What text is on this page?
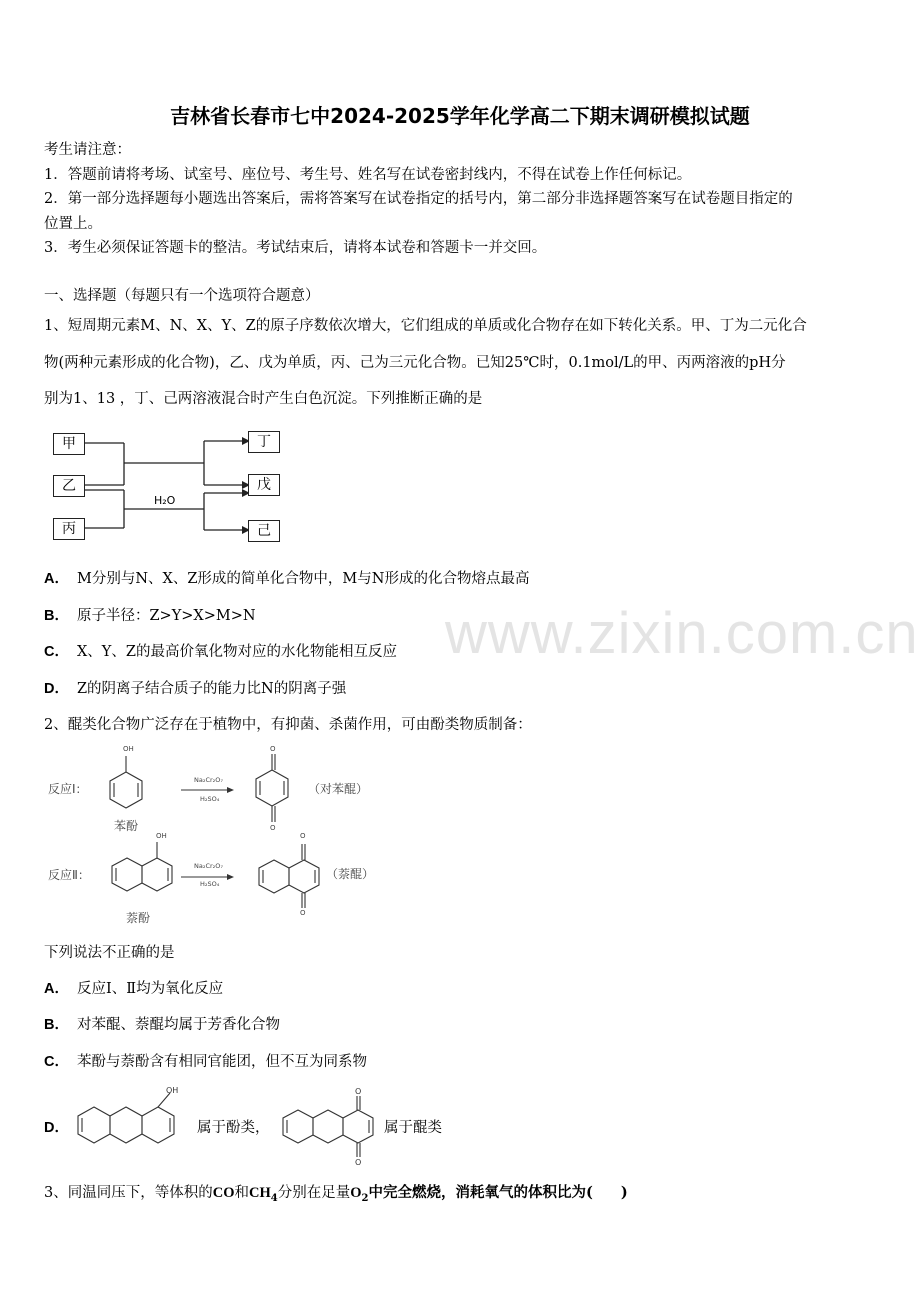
www.zixin.com.cn
吉林省长春市七中2024-2025学年化学高二下期末调研模拟试题
考生请注意：
1．答题前请将考场、试室号、座位号、考生号、姓名写在试卷密封线内，不得在试卷上作任何标记。
2．第一部分选择题每小题选出答案后，需将答案写在试卷指定的括号内，第二部分非选择题答案写在试卷题目指定的
位置上。
3．考生必须保证答题卡的整洁。考试结束后，请将本试卷和答题卡一并交回。
一、选择题（每题只有一个选项符合题意）
1、短周期元素M、N、X、Y、Z的原子序数依次增大，它们组成的单质或化合物存在如下转化关系。甲、丁为二元化合
物(两种元素形成的化合物)，乙、戊为单质，丙、己为三元化合物。已知25℃时，0.1mol/L的甲、丙两溶液的pH分
别为1、13 ，丁、己两溶液混合时产生白色沉淀。下列推断正确的是
H₂O
甲
乙
丙
丁
戊
己
A． M分别与N、X、Z形成的简单化合物中，M与N形成的化合物熔点最高
B． 原子半径：Z>Y>X>M>N
C． X、Y、Z的最高价氧化物对应的水化物能相互反应
D． Z的阴离子结合质子的能力比N的阴离子强
2、醌类化合物广泛存在于植物中，有抑菌、杀菌作用，可由酚类物质制备：
反应Ⅰ：
反应Ⅱ：
苯酚
萘酚
（对苯醌）
（萘醌）
Na₂Cr₂O₇
H₂SO₄
Na₂Cr₂O₇
H₂SO₄
OH
OH
O
O
O
O
下列说法不正确的是
A． 反应Ⅰ、Ⅱ均为氧化反应
B． 对苯醌、萘醌均属于芳香化合物
C． 苯酚与萘酚含有相同官能团，但不互为同系物
D．
OH
属于酚类，
O
O
属于醌类
3、同温同压下，等体积的CO和$CH_4$分别在足量$O_2$中完全燃烧，消耗氧气的体积比为( )
